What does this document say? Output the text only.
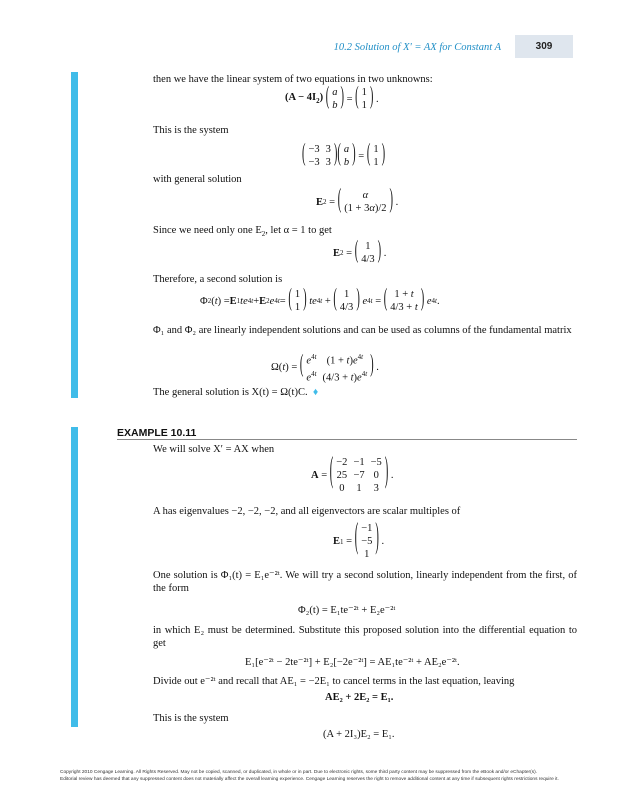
10.2 Solution of X' = AX for Constant A	309
then we have the linear system of two equations in two unknowns:
$(A - 4I_2)$
( a
b ) = ( 1
1 ) .
This is the system
( −3	3
−3	3 ) ( a
b ) = ( 1
1 )
with general solution
E 2 = ( α
(1 + 3α)/2 ) .
Since we need only one $E_2$, let α = 1 to get
E 2 = ( 1
4/3 ) .
Therefore, a second solution is
Φ 2 ( t ) = E 1 te 4t + E 2 e 4t = ( 1
1 )
te 4t + ( 1
4/3 )
e 4t = ( 1 + t
4/3 + t )
e 4t .
Φ₁ and Φ₂ are linearly independent solutions and can be used as columns of the fundamental matrix
Ω( t ) = ( $e^{4t}$	$(1 + t)e^{4t}$
$e^{4t}$	$(4/3 + t)e^{4t}$ ) .
The general solution is X(t) = Ω(t)C. ♦
EXAMPLE 10.11
We will solve X′ = AX when
A = ( −2	−1	−5
25	−7	0
0	1	3 ) .
A has eigenvalues −2, −2, −2, and all eigenvectors are scalar multiples of
E 1 = ( −1
−5
1 ) .
One solution is Φ₁(t) = E₁e⁻²ᵗ. We will try a second solution, linearly independent from the first, of the form
Φ₂(t) = E₁te⁻²ᵗ + E₂e⁻²ᵗ
in which E₂ must be determined. Substitute this proposed solution into the differential equation to get
E₁[e⁻²ᵗ − 2te⁻²ᵗ] + E₂[−2e⁻²ᵗ] = AE₁te⁻²ᵗ + AE₂e⁻²ᵗ.
Divide out e⁻²ᵗ and recall that AE₁ = −2E₁ to cancel terms in the last equation, leaving
AE₂ + 2E₂ = E₁.
This is the system
(A + 2I₃)E₂ = E₁.
Copyright 2010 Cengage Learning. All Rights Reserved. May not be copied, scanned, or duplicated, in whole or in part. Due to electronic rights, some third party content may be suppressed from the eBook and/or eChapter(s).
Editorial review has deemed that any suppressed content does not materially affect the overall learning experience. Cengage Learning reserves the right to remove additional content at any time if subsequent rights restrictions require it.
